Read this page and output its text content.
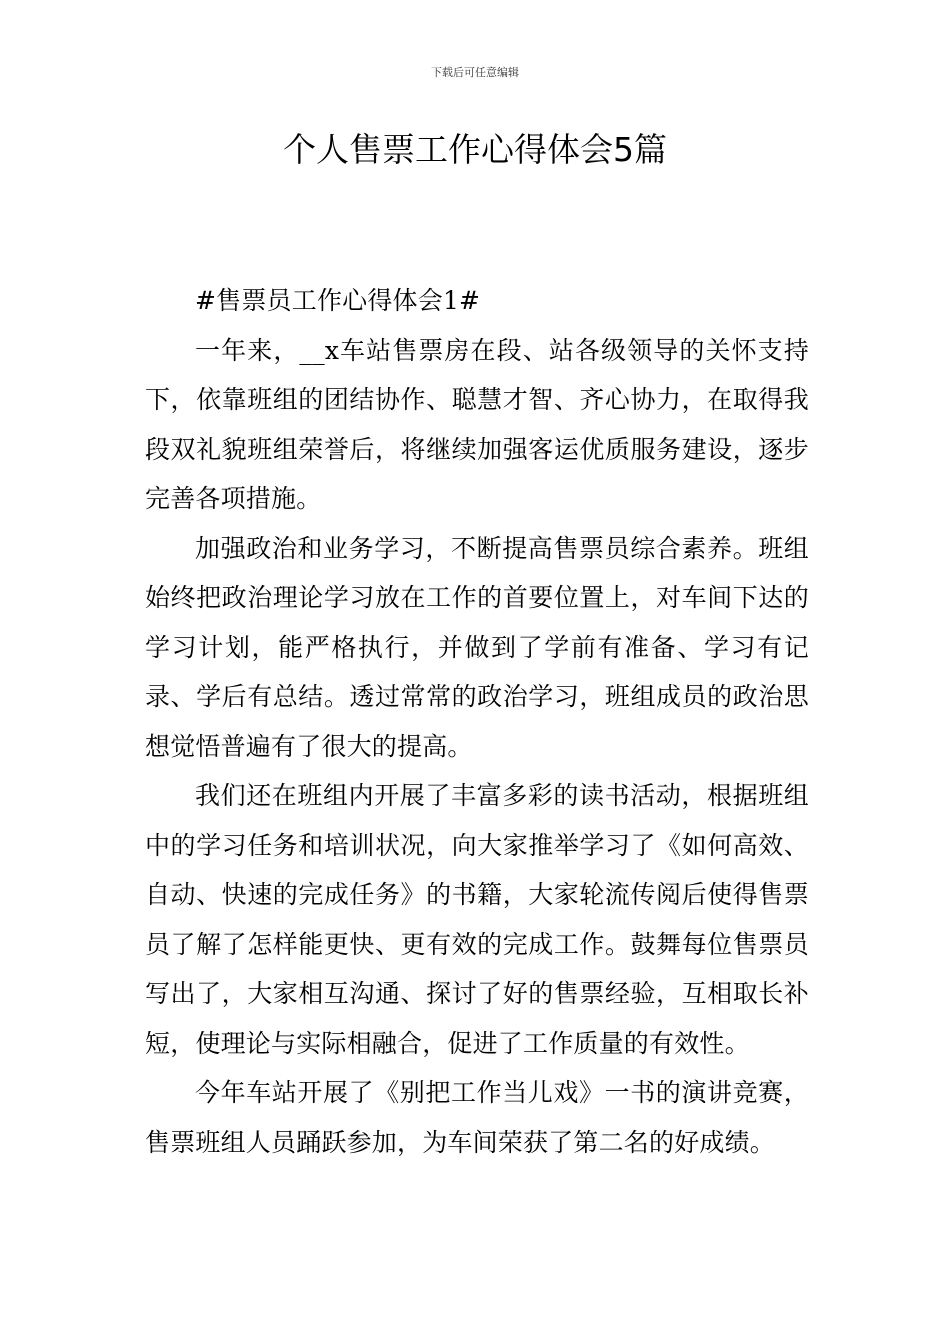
下载后可任意编辑
个人售票工作心得体会5篇

#售票员工作心得体会1#

一年来，__x车站售票房在段、站各级领导的关怀支持下，依靠班组的团结协作、聪慧才智、齐心协力，在取得我段双礼貌班组荣誉后，将继续加强客运优质服务建设，逐步完善各项措施。

加强政治和业务学习，不断提高售票员综合素养。班组始终把政治理论学习放在工作的首要位置上，对车间下达的学习计划，能严格执行，并做到了学前有准备、学习有记录、学后有总结。透过常常的政治学习，班组成员的政治思想觉悟普遍有了很大的提高。

我们还在班组内开展了丰富多彩的读书活动，根据班组中的学习任务和培训状况，向大家推举学习了《如何高效、自动、快速的完成任务》的书籍，大家轮流传阅后使得售票员了解了怎样能更快、更有效的完成工作。鼓舞每位售票员写出了，大家相互沟通、探讨了好的售票经验，互相取长补短，使理论与实际相融合，促进了工作质量的有效性。

今年车站开展了《别把工作当儿戏》一书的演讲竞赛，售票班组人员踊跃参加，为车间荣获了第二名的好成绩。
